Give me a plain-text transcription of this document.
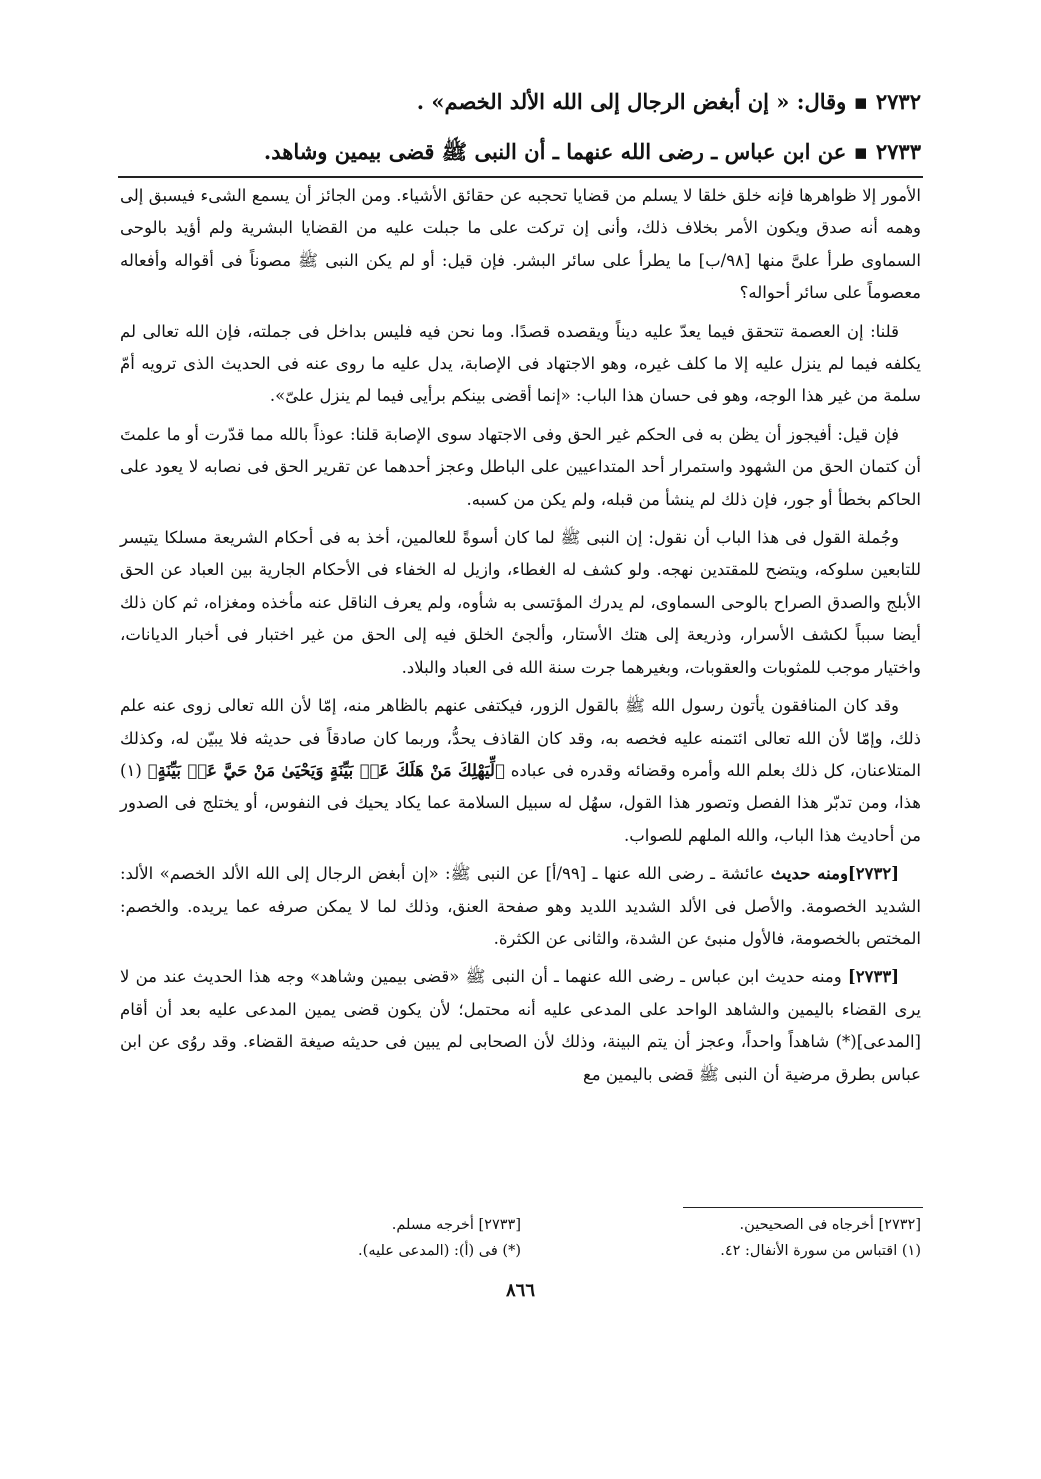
٢٧٣٢▪ وقال: « إن أبغض الرجال إلى الله الألد الخصم» .
٢٧٣٣▪ عن ابن عباس ـ رضى الله عنهما ـ أن النبى ﷺ قضى بيمين وشاهد.

الأمور إلا ظواهرها فإنه خلق خلقا لا يسلم من قضايا تحجبه عن حقائق الأشياء. ومن الجائز أن يسمع الشىء فيسبق إلى وهمه أنه صدق ويكون الأمر بخلاف ذلك، وأنى إن تركت على ما جبلت عليه من القضايا البشرية ولم أؤيد بالوحى السماوى طرأ علىَّ منها [٩٨/ب] ما يطرأ على سائر البشر. فإن قيل: أو لم يكن النبى ﷺ مصوناً فى أقواله وأفعاله معصوماً على سائر أحواله؟

قلنا: إن العصمة تتحقق فيما يعدّ عليه ديناً ويقصده قصدًا. وما نحن فيه فليس بداخل فى جملته، فإن الله تعالى لم يكلفه فيما لم ينزل عليه إلا ما كلف غيره، وهو الاجتهاد فى الإصابة، يدل عليه ما روى عنه فى الحديث الذى ترويه أمّ سلمة من غير هذا الوجه، وهو فى حسان هذا الباب: «إنما أقضى بينكم برأيى فيما لم ينزل علىّ».

فإن قيل: أفيجوز أن يظن به فى الحكم غير الحق وفى الاجتهاد سوى الإصابة قلنا: عوذاً بالله مما قدّرت أو ما علمتَ أن كتمان الحق من الشهود واستمرار أحد المتداعيين على الباطل وعجز أحدهما عن تقرير الحق فى نصابه لا يعود على الحاكم بخطأ أو جور، فإن ذلك لم ينشأ من قبله، ولم يكن من كسبه.

وجُملة القول فى هذا الباب أن نقول: إن النبى ﷺ لما كان أسوةً للعالمين، أخذ به فى أحكام الشريعة مسلكا يتيسر للتابعين سلوكه، ويتضح للمقتدين نهجه. ولو كشف له الغطاء، وازيل له الخفاء فى الأحكام الجارية بين العباد عن الحق الأبلج والصدق الصراح بالوحى السماوى، لم يدرك المؤتسى به شأوه، ولم يعرف الناقل عنه مأخذه ومغزاه، ثم كان ذلك أيضا سبباً لكشف الأسرار، وذريعة إلى هتك الأستار، وألجئ الخلق فيه إلى الحق من غير اختبار فى أخبار الديانات، واختيار موجب للمثوبات والعقوبات، وبغيرهما جرت سنة الله فى العباد والبلاد.

وقد كان المنافقون يأتون رسول الله ﷺ بالقول الزور، فيكتفى عنهم بالظاهر منه، إمّا لأن الله تعالى زوى عنه علم ذلك، وإمّا لأن الله تعالى ائتمنه عليه فخصه به، وقد كان القاذف يحدُّ، وربما كان صادقاً فى حديثه فلا يبيّن له، وكذلك المتلاعنان، كل ذلك بعلم الله وأمره وقضائه وقدره فى عباده ﴿لِّيَهْلِكَ مَنْ هَلَكَ عَنۢ بَيِّنَةٍ وَيَحْيَىٰ مَنْ حَيَّ عَنۢ بَيِّنَةٍ﴾ (١) هذا، ومن تدبّر هذا الفصل وتصور هذا القول، سهُل له سبيل السلامة عما يكاد يحيك فى النفوس، أو يختلج فى الصدور من أحاديث هذا الباب، والله الملهم للصواب.

[٢٧٣٢]ومنه حديث عائشة ـ رضى الله عنها ـ [٩٩/أ] عن النبى ﷺ: «إن أبغض الرجال إلى الله الألد الخصم» الألد: الشديد الخصومة. والأصل فى الألد الشديد اللديد وهو صفحة العنق، وذلك لما لا يمكن صرفه عما يريده. والخصم: المختص بالخصومة، فالأول منبئ عن الشدة، والثانى عن الكثرة.

[٢٧٣٣] ومنه حديث ابن عباس ـ رضى الله عنهما ـ أن النبى ﷺ «قضى بيمين وشاهد» وجه هذا الحديث عند من لا يرى القضاء باليمين والشاهد الواحد على المدعى عليه أنه محتمل؛ لأن يكون قضى يمين المدعى عليه بعد أن أقام [المدعى](*) شاهداً واحداً، وعجز أن يتم البينة، وذلك لأن الصحابى لم يبين فى حديثه صيغة القضاء. وقد روُى عن ابن عباس بطرق مرضية أن النبى ﷺ قضى باليمين مع

[٢٧٣٢] أخرجاه فى الصحيحين.
(١) اقتباس من سورة الأنفال: ٤٢.
[٢٧٣٣] أخرجه مسلم.
(*) فى (أ): (المدعى عليه).
٨٦٦
